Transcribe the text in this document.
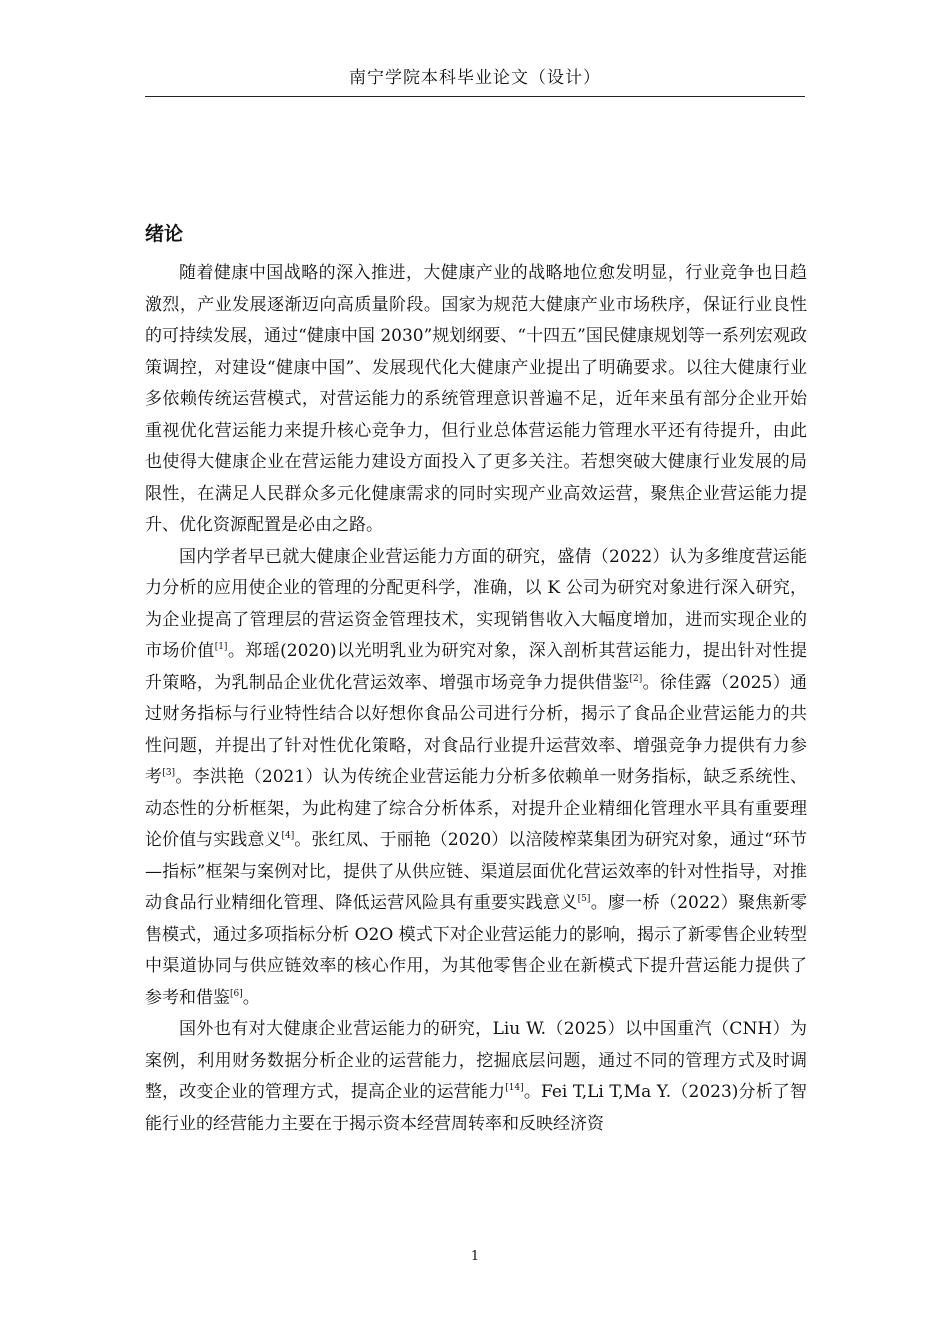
南宁学院本科毕业论文（设计）
绪论

随着健康中国战略的深入推进，大健康产业的战略地位愈发明显，行业竞争也日趋激烈，产业发展逐渐迈向高质量阶段。国家为规范大健康产业市场秩序，保证行业良性的可持续发展，通过“健康中国 2030”规划纲要、“十四五”国民健康规划等一系列宏观政策调控，对建设“健康中国”、发展现代化大健康产业提出了明确要求。以往大健康行业多依赖传统运营模式，对营运能力的系统管理意识普遍不足，近年来虽有部分企业开始重视优化营运能力来提升核心竞争力，但行业总体营运能力管理水平还有待提升，由此也使得大健康企业在营运能力建设方面投入了更多关注。若想突破大健康行业发展的局限性，在满足人民群众多元化健康需求的同时实现产业高效运营，聚焦企业营运能力提升、优化资源配置是必由之路。

国内学者早已就大健康企业营运能力方面的研究，盛倩（2022）认为多维度营运能力分析的应用使企业的管理的分配更科学，准确，以 K 公司为研究对象进行深入研究，为企业提高了管理层的营运资金管理技术，实现销售收入大幅度增加，进而实现企业的市场价值[1]。郑瑶(2020)以光明乳业为研究对象，深入剖析其营运能力，提出针对性提升策略，为乳制品企业优化营运效率、增强市场竞争力提供借鉴[2]。徐佳露（2025）通过财务指标与行业特性结合以好想你食品公司进行分析，揭示了食品企业营运能力的共性问题，并提出了针对性优化策略，对食品行业提升运营效率、增强竞争力提供有力参考[3]。李洪艳（2021）认为传统企业营运能力分析多依赖单一财务指标，缺乏系统性、动态性的分析框架，为此构建了综合分析体系，对提升企业精细化管理水平具有重要理论价值与实践意义[4]。张红凤、于丽艳（2020）以涪陵榨菜集团为研究对象，通过“环节—指标”框架与案例对比，提供了从供应链、渠道层面优化营运效率的针对性指导，对推动食品行业精细化管理、降低运营风险具有重要实践意义[5]。廖一桥（2022）聚焦新零售模式，通过多项指标分析 O2O 模式下对企业营运能力的影响，揭示了新零售企业转型中渠道协同与供应链效率的核心作用，为其他零售企业在新模式下提升营运能力提供了参考和借鉴[6]。

国外也有对大健康企业营运能力的研究，Liu W.（2025）以中国重汽（CNH）为案例，利用财务数据分析企业的运营能力，挖掘底层问题，通过不同的管理方式及时调整，改变企业的管理方式，提高企业的运营能力[14]。Fei T,Li T,Ma Y.（2023)分析了智能行业的经营能力主要在于揭示资本经营周转率和反映经济资

1
